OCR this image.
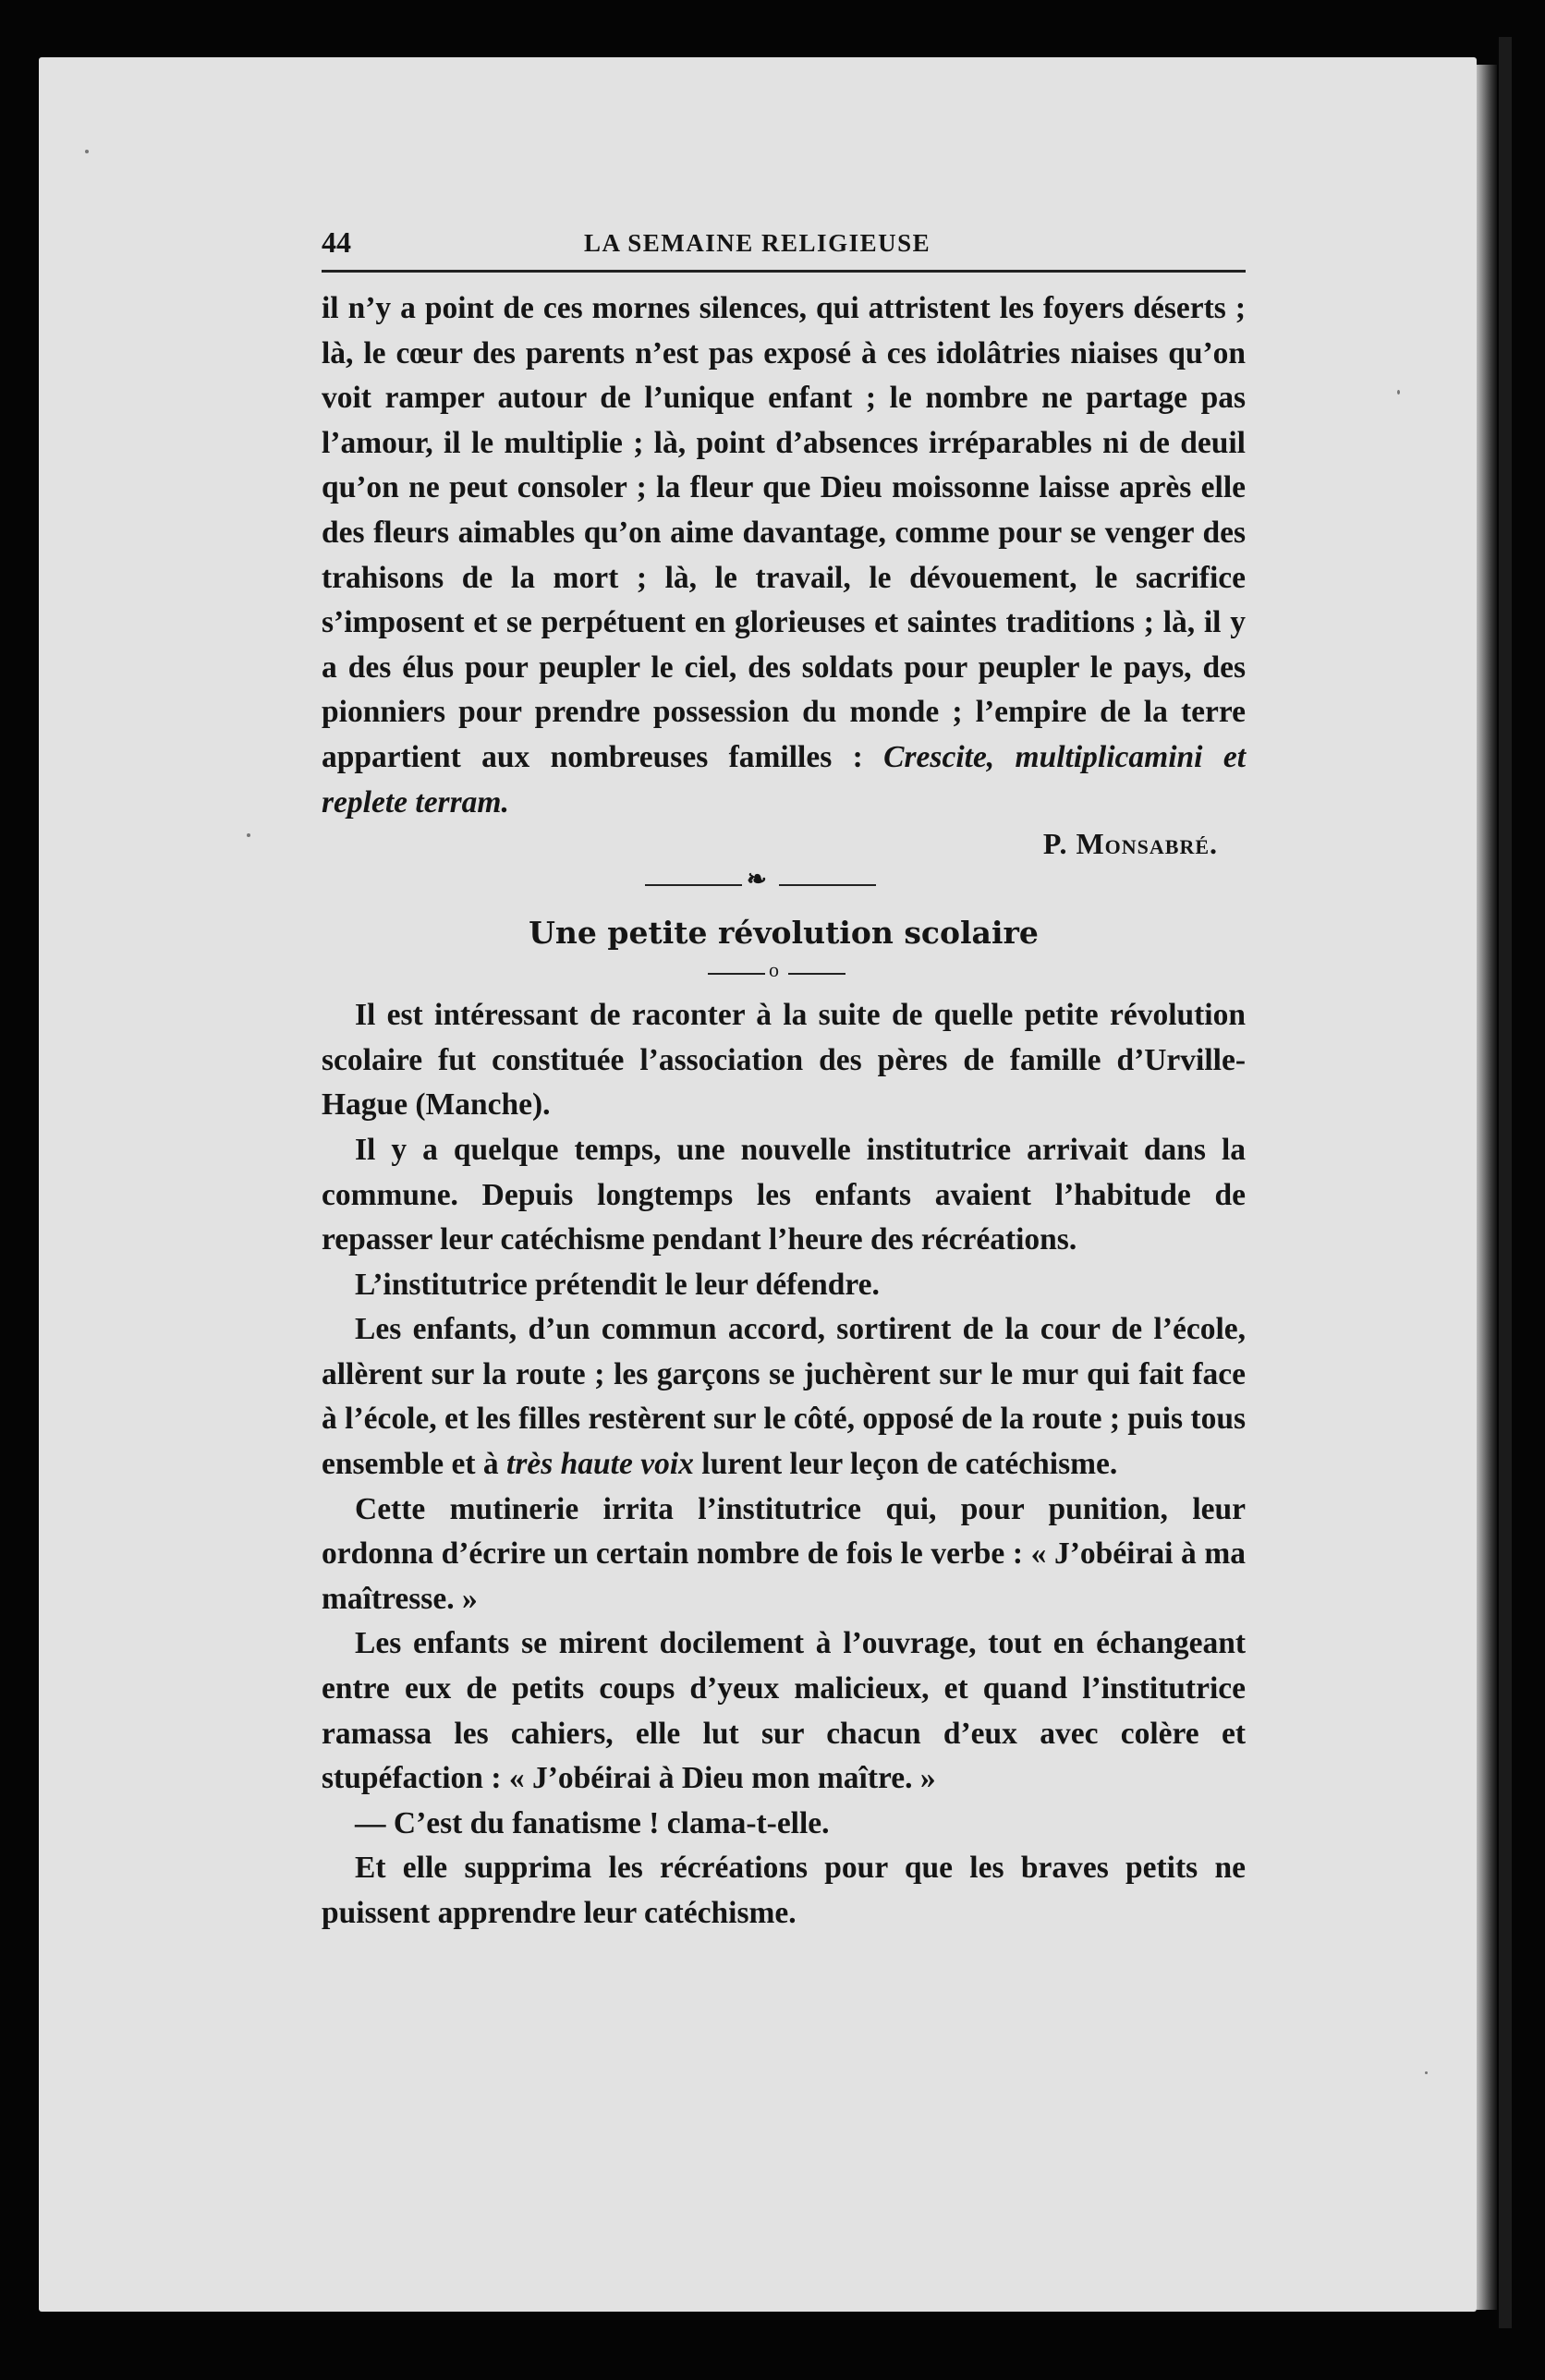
44	LA SEMAINE RELIGIEUSE

il n’y a point de ces mornes silences, qui attristent les foyers déserts ; là, le cœur des parents n’est pas exposé à ces idolâtries niaises qu’on voit ramper autour de l’unique enfant ; le nombre ne partage pas l’amour, il le multiplie ; là, point d’absences irréparables ni de deuil qu’on ne peut consoler ; la fleur que Dieu moissonne laisse après elle des fleurs aimables qu’on aime davantage, comme pour se venger des trahisons de la mort ; là, le travail, le dévouement, le sacrifice s’imposent et se perpétuent en glorieuses et saintes traditions ; là, il y a des élus pour peupler le ciel, des soldats pour peupler le pays, des pionniers pour prendre possession du monde ; l’empire de la terre appartient aux nombreuses familles : Crescite, multiplicamini et replete terram.

P. Monsabré.
❧
Une petite révolution scolaire
o

Il est intéressant de raconter à la suite de quelle petite révolution scolaire fut constituée l’association des pères de famille d’Urville-Hague (Manche).

Il y a quelque temps, une nouvelle institutrice arrivait dans la commune. Depuis longtemps les enfants avaient l’habitude de repasser leur catéchisme pendant l’heure des récréations.

L’institutrice prétendit le leur défendre.

Les enfants, d’un commun accord, sortirent de la cour de l’école, allèrent sur la route ; les garçons se juchèrent sur le mur qui fait face à l’école, et les filles restèrent sur le côté, opposé de la route ; puis tous ensemble et à très haute voix lurent leur leçon de catéchisme.

Cette mutinerie irrita l’institutrice qui, pour punition, leur ordonna d’écrire un certain nombre de fois le verbe : « J’obéirai à ma maîtresse. »

Les enfants se mirent docilement à l’ouvrage, tout en échangeant entre eux de petits coups d’yeux malicieux, et quand l’institutrice ramassa les cahiers, elle lut sur chacun d’eux avec colère et stupéfaction : « J’obéirai à Dieu mon maître. »

— C’est du fanatisme ! clama-t-elle.

Et elle supprima les récréations pour que les braves petits ne puissent apprendre leur catéchisme.
